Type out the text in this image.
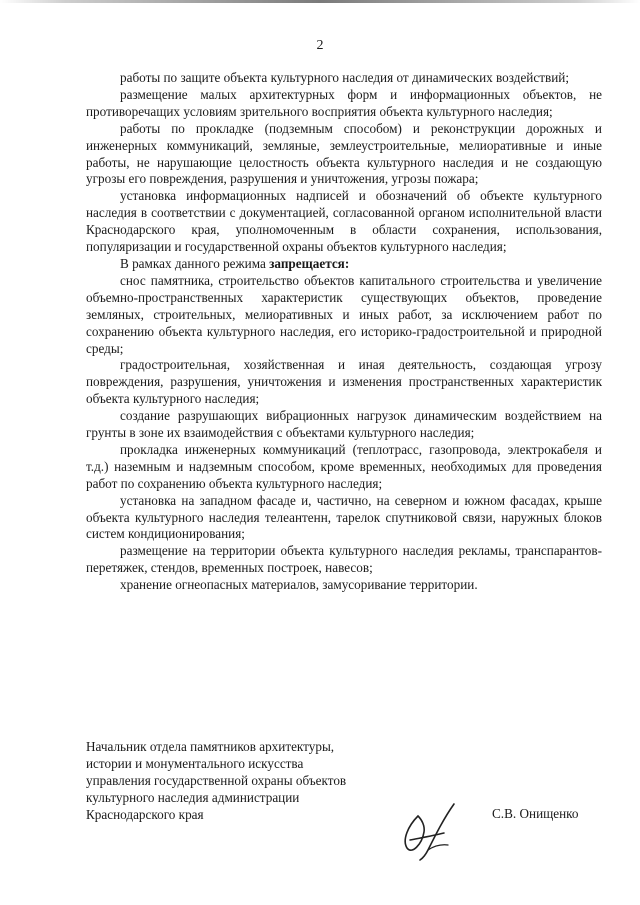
2

работы по защите объекта культурного наследия от динамических воздействий;

размещение малых архитектурных форм и информационных объектов, не противоречащих условиям зрительного восприятия объекта культурного наследия;

работы по прокладке (подземным способом) и реконструкции дорожных и инженерных коммуникаций, земляные, землеустроительные, мелиоративные и иные работы, не нарушающие целостность объекта культурного наследия и не создающую угрозы его повреждения, разрушения и уничтожения, угрозы пожара;

установка информационных надписей и обозначений об объекте культурного наследия в соответствии с документацией, согласованной органом исполнительной власти Краснодарского края, уполномоченным в области сохранения, использования, популяризации и государственной охраны объектов культурного наследия;

В рамках данного режима запрещается:

снос памятника, строительство объектов капитального строительства и увеличение объемно-пространственных характеристик существующих объектов, проведение земляных, строительных, мелиоративных и иных работ, за исключением работ по сохранению объекта культурного наследия, его историко-градостроительной и природной среды;

градостроительная, хозяйственная и иная деятельность, создающая угрозу повреждения, разрушения, уничтожения и изменения пространственных характеристик объекта культурного наследия;

создание разрушающих вибрационных нагрузок динамическим воздействием на грунты в зоне их взаимодействия с объектами культурного наследия;

прокладка инженерных коммуникаций (теплотрасс, газопровода, электрокабеля и т.д.) наземным и надземным способом, кроме временных, необходимых для проведения работ по сохранению объекта культурного наследия;

установка на западном фасаде и, частично, на северном и южном фасадах, крыше объекта культурного наследия телеантенн, тарелок спутниковой связи, наружных блоков систем кондиционирования;

размещение на территории объекта культурного наследия рекламы, транспарантов-перетяжек, стендов, временных построек, навесов;

хранение огнеопасных материалов, замусоривание территории.

Начальник отдела памятников архитектуры,
истории и монументального искусства
управления государственной охраны объектов
культурного наследия администрации
Краснодарского края	С.В. Онищенко
